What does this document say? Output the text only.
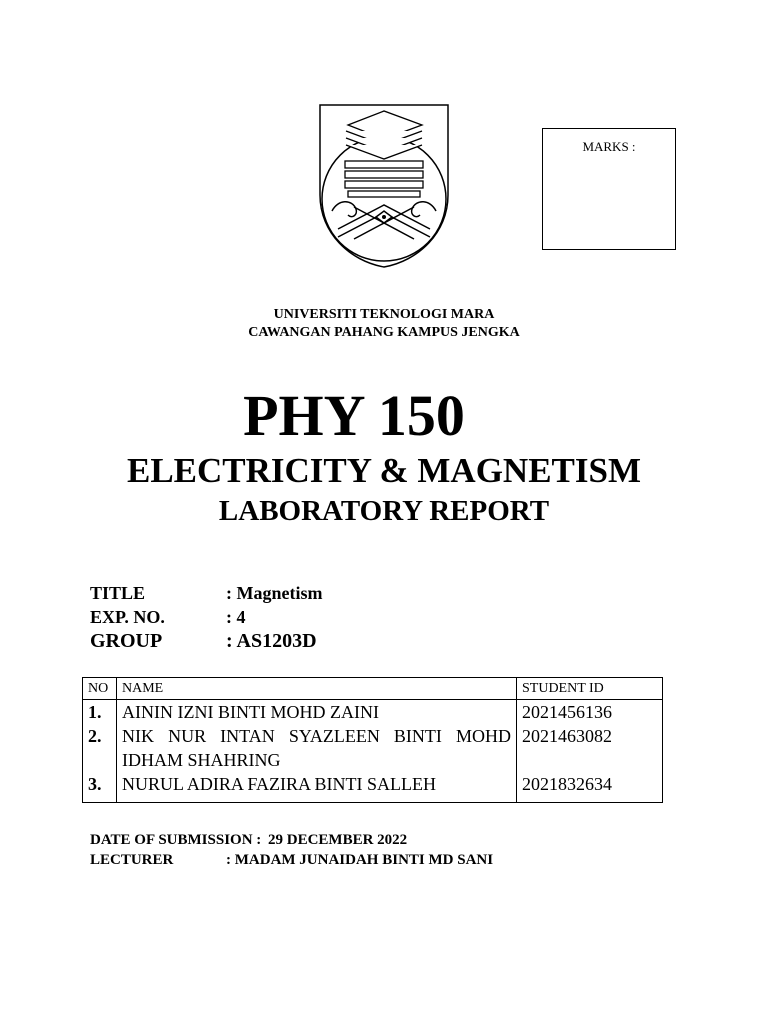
MARKS :
UNIVERSITI TEKNOLOGI MARA
CAWANGAN PAHANG KAMPUS JENGKA
PHY 150
ELECTRICITY & MAGNETISM
LABORATORY REPORT
TITLE	: Magnetism
EXP. NO.	: 4
GROUP	: AS1203D
NO	NAME	STUDENT ID
1.	AININ IZNI BINTI MOHD ZAINI	2021456136
2.	NIK NUR INTAN SYAZLEEN BINTI MOHD IDHAM SHAHRING	2021463082
3.	NURUL ADIRA FAZIRA BINTI SALLEH	2021832634
DATE OF SUBMISSION : 29 DECEMBER 2022
LECTURER	: MADAM JUNAIDAH BINTI MD SANI
